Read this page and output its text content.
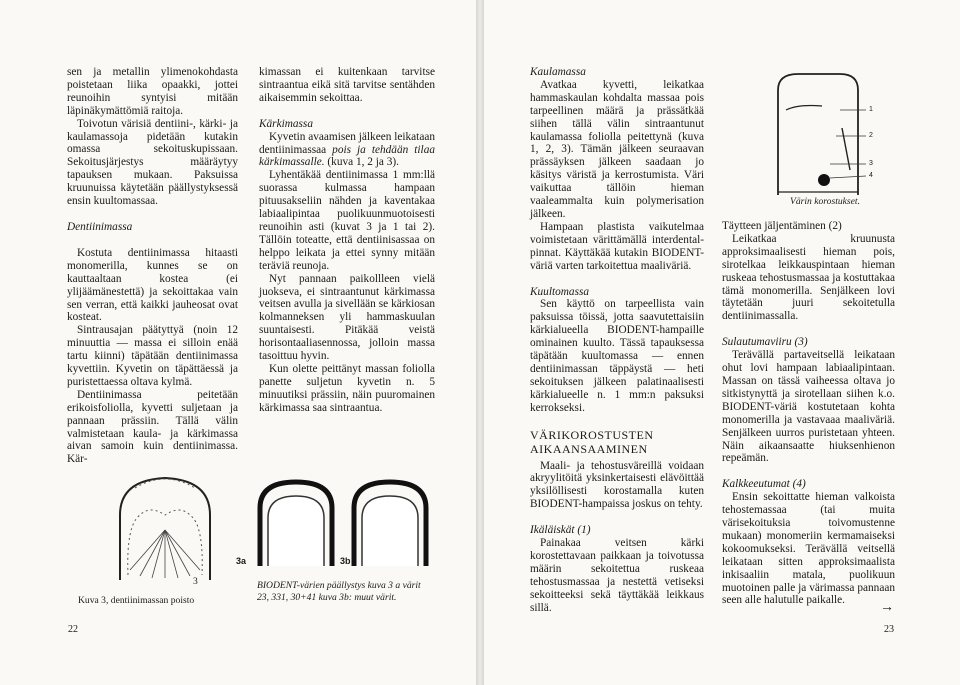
sen ja metallin ylimenokohdasta poistetaan liika opaakki, jottei reunoihin syntyisi mitään läpinäkymättömiä raitoja.

Toivotun värisiä dentiini-, kärki- ja kaulamassoja pidetään kutakin omassa sekoituskupissaan. Sekoitusjärjestys määräytyy tapauksen mukaan. Paksuissa kruunuissa käytetään päällystyksessä ensin kuultomassaa.

Dentiinimassa

Kostuta dentiinimassa hitaasti monomerilla, kunnes se on kauttaaltaan kostea (ei ylijäämänestettä) ja sekoittakaa vain sen verran, että kaikki jauheosat ovat kosteat.

Sintrausajan päätyttyä (noin 12 minuuttia — massa ei silloin enää tartu kiinni) täpätään dentiinimassa kyvettiin. Kyvetin on täpättäessä ja puristettaessa oltava kylmä.

Dentiinimassa peitetään erikoisfoliolla, kyvetti suljetaan ja pannaan prässiin. Tällä välin valmistetaan kaula- ja kärkimassa aivan samoin kuin dentiinimassa. Kär-

3
Kuva 3, dentiinimassan poisto

kimassan ei kuitenkaan tarvitse sintraantua eikä sitä tarvitse sentähden aikaisemmin sekoittaa.

Kärkimassa

Kyvetin avaamisen jälkeen leikataan dentiinimassaa pois ja tehdään tilaa kärkimassalle. (kuva 1, 2 ja 3).

Lyhentäkää dentiinimassa 1 mm:llä suorassa kulmassa hampaan pituusakseliin nähden ja kaventakaa labiaalipintaa puolikuunmuotoisesti reunoihin asti (kuvat 3 ja 1 tai 2). Tällöin toteatte, että dentiinisassaa on helppo leikata ja ettei synny mitään teräviä reunoja.

Nyt pannaan paikollleen vielä juokseva, ei sintraantunut kärkimassa veitsen avulla ja sivellään se kärkiosan kolmanneksen yli hammaskuulan suuntaisesti. Pitäkää veistä horisontaaliasennossa, jolloin massa tasoittuu hyvin.

Kun olette peittänyt massan foliolla panette suljetun kyvetin n. 5 minuutiksi prässiin, näin puuromainen kärkimassa saa sintraantua.

3a	3b
BIODENT-värien päällystys kuva 3 a värit 23, 331, 30+41 kuva 3b: muut värit.
22
Kaulamassa

Avatkaa kyvetti, leikatkaa hammaskaulan kohdalta massaa pois tarpeellinen määrä ja prässätkää siihen tällä välin sintraantunut kaulamassa foliolla peitettynä (kuva 1, 2, 3). Tämän jälkeen seuraavan prässäyksen jälkeen saadaan jo käsitys väristä ja kerrostumista. Väri vaikuttaa tällöin hieman vaaleammalta kuin polymerisation jälkeen.

Hampaan plastista vaikutelmaa voimistetaan värittämällä interdental-pinnat. Käyttäkää kutakin BIODENT-väriä varten tarkoitettua maaliväriä.

Kuultomassa

Sen käyttö on tarpeellista vain paksuissa töissä, jotta saavutettaisiin kärkialueella BIODENT-hampaille ominainen kuulto. Tässä tapauksessa täpätään kuultomassa — ennen dentiinimassan täppäystä — heti sekoituksen jälkeen palatinaalisesti kärkialueelle n. 1 mm:n paksuksi kerrokseksi.

VÄRIKOROSTUSTEN AIKAANSAAMINEN

Maali- ja tehostusväreillä voidaan akryylitöitä yksinkertaisesti elävöittää yksilöllisesti korostamalla kuten BIODENT-hampaissa joskus on tehty.

Ikäläiskät (1)

Painakaa veitsen kärki korostettavaan paikkaan ja toivotussa määrin sekoitettua ruskeaa tehostusmassaa ja nestettä vetiseksi sekoitteeksi sekä täyttäkää leikkaus sillä.

1
2
3
4
Värin korostukset.

Täytteen jäljentäminen (2)

Leikatkaa kruunusta approksimaalisesti hieman pois, sirotelkaa leikkauspintaan hieman ruskeaa tehostusmassaa ja kostuttakaa tämä monomerilla. Senjälkeen lovi täytetään juuri sekoitetulla dentiinimassalla.

Sulautumaviiru (3)

Terävällä partaveitsellä leikataan ohut lovi hampaan labiaalipintaan. Massan on tässä vaiheessa oltava jo sitkistynyttä ja sirotellaan siihen k.o. BIODENT-väriä kostutetaan kohta monomerilla ja vastavaaa maaliväriä. Senjälkeen uurros puristetaan yhteen. Näin aikaansaatte hiuksenhienon repeämän.

Kalkkeeutumat (4)

Ensin sekoittatte hieman valkoista tehostemassaa (tai muita värisekoituksia toivomustenne mukaan) monomeriin kermamaiseksi kokoomukseksi. Terävällä veitsellä leikataan sitten approksimaalista inkisaaliin matala, puolikuun muotoinen palle ja värimassa pannaan seen alle halutulle paikalle.	→
23
